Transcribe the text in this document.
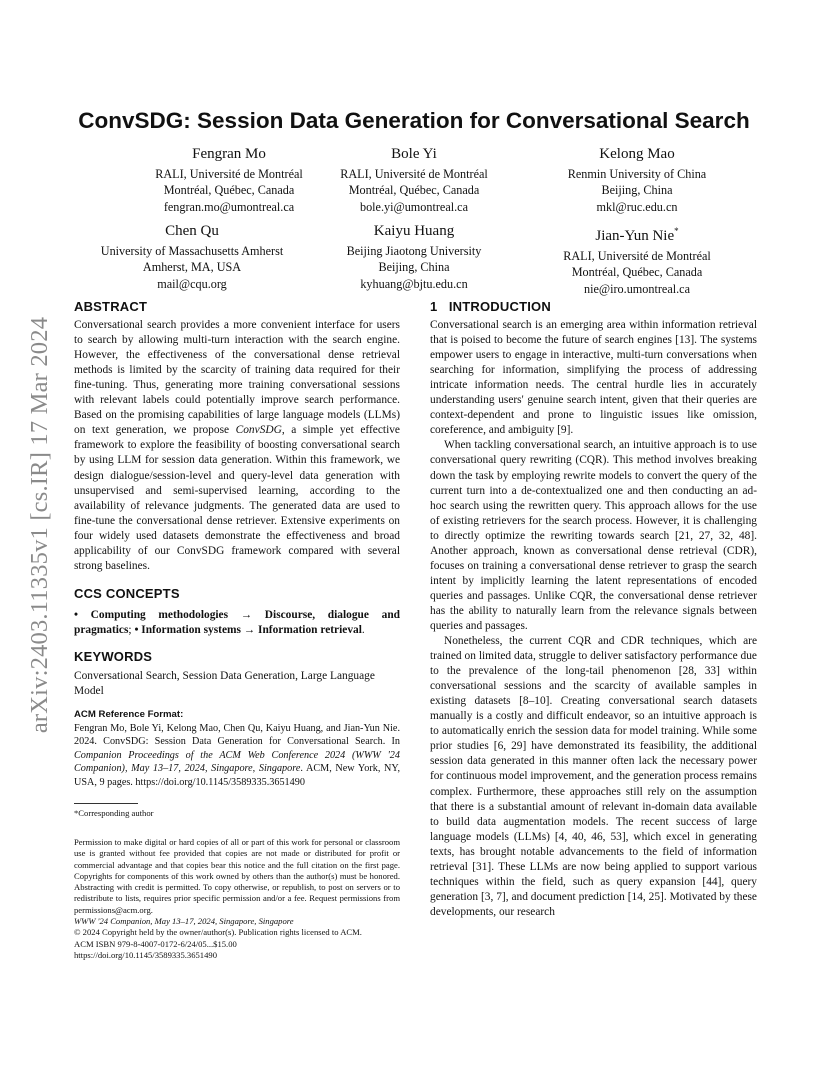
arXiv:2403.11335v1 [cs.IR] 17 Mar 2024
ConvSDG: Session Data Generation for Conversational Search
Fengran Mo
RALI, Université de Montréal
Montréal, Québec, Canada
fengran.mo@umontreal.ca
Bole Yi
RALI, Université de Montréal
Montréal, Québec, Canada
bole.yi@umontreal.ca
Kelong Mao
Renmin University of China
Beijing, China
mkl@ruc.edu.cn
Chen Qu
University of Massachusetts Amherst
Amherst, MA, USA
mail@cqu.org
Kaiyu Huang
Beijing Jiaotong University
Beijing, China
kyhuang@bjtu.edu.cn
Jian-Yun Nie*
RALI, Université de Montréal
Montréal, Québec, Canada
nie@iro.umontreal.ca
ABSTRACT

Conversational search provides a more convenient interface for users to search by allowing multi-turn interaction with the search engine. However, the effectiveness of the conversational dense retrieval methods is limited by the scarcity of training data required for their fine-tuning. Thus, generating more training conversational sessions with relevant labels could potentially improve search performance. Based on the promising capabilities of large language models (LLMs) on text generation, we propose ConvSDG, a simple yet effective framework to explore the feasibility of boosting conversational search by using LLM for session data generation. Within this framework, we design dialogue/session-level and query-level data generation with unsupervised and semi-supervised learning, according to the availability of relevance judgments. The generated data are used to fine-tune the conversational dense retriever. Extensive experiments on four widely used datasets demonstrate the effectiveness and broad applicability of our ConvSDG framework compared with several strong baselines.

CCS CONCEPTS

• Computing methodologies → Discourse, dialogue and pragmatics; • Information systems → Information retrieval.

KEYWORDS

Conversational Search, Session Data Generation, Large Language Model

ACM Reference Format:

Fengran Mo, Bole Yi, Kelong Mao, Chen Qu, Kaiyu Huang, and Jian-Yun Nie. 2024. ConvSDG: Session Data Generation for Conversational Search. In Companion Proceedings of the ACM Web Conference 2024 (WWW '24 Companion), May 13–17, 2024, Singapore, Singapore. ACM, New York, NY, USA, 9 pages. https://doi.org/10.1145/3589335.3651490

*Corresponding author

Permission to make digital or hard copies of all or part of this work for personal or classroom use is granted without fee provided that copies are not made or distributed for profit or commercial advantage and that copies bear this notice and the full citation on the first page. Copyrights for components of this work owned by others than the author(s) must be honored. Abstracting with credit is permitted. To copy otherwise, or republish, to post on servers or to redistribute to lists, requires prior specific permission and/or a fee. Request permissions from permissions@acm.org.

WWW '24 Companion, May 13–17, 2024, Singapore, Singapore

© 2024 Copyright held by the owner/author(s). Publication rights licensed to ACM.

ACM ISBN 979-8-4007-0172-6/24/05...$15.00

https://doi.org/10.1145/3589335.3651490

1   INTRODUCTION

Conversational search is an emerging area within information retrieval that is poised to become the future of search engines [13]. The systems empower users to engage in interactive, multi-turn conversations when searching for information, simplifying the process of addressing intricate information needs. The central hurdle lies in accurately understanding users' genuine search intent, given that their queries are context-dependent and prone to linguistic issues like omission, coreference, and ambiguity [9].

When tackling conversational search, an intuitive approach is to use conversational query rewriting (CQR). This method involves breaking down the task by employing rewrite models to convert the query of the current turn into a de-contextualized one and then conducting an ad-hoc search using the rewritten query. This approach allows for the use of existing retrievers for the search process. However, it is challenging to directly optimize the rewriting towards search [21, 27, 32, 48]. Another approach, known as conversational dense retrieval (CDR), focuses on training a conversational dense retriever to grasp the search intent by implicitly learning the latent representations of encoded queries and passages. Unlike CQR, the conversational dense retriever has the ability to naturally learn from the relevance signals between queries and passages.

Nonetheless, the current CQR and CDR techniques, which are trained on limited data, struggle to deliver satisfactory performance due to the prevalence of the long-tail phenomenon [28, 33] within conversational sessions and the scarcity of available samples in existing datasets [8–10]. Creating conversational search datasets manually is a costly and difficult endeavor, so an intuitive approach is to automatically enrich the session data for model training. While some prior studies [6, 29] have demonstrated its feasibility, the additional session data generated in this manner often lack the necessary power for continuous model improvement, and the generation process remains complex. Furthermore, these approaches still rely on the assumption that there is a substantial amount of relevant in-domain data available to build data augmentation models. The recent success of large language models (LLMs) [4, 40, 46, 53], which excel in generating texts, has brought notable advancements to the field of information retrieval [31]. These LLMs are now being applied to support various techniques within the field, such as query expansion [44], query generation [3, 7], and document prediction [14, 25]. Motivated by these developments, our research
